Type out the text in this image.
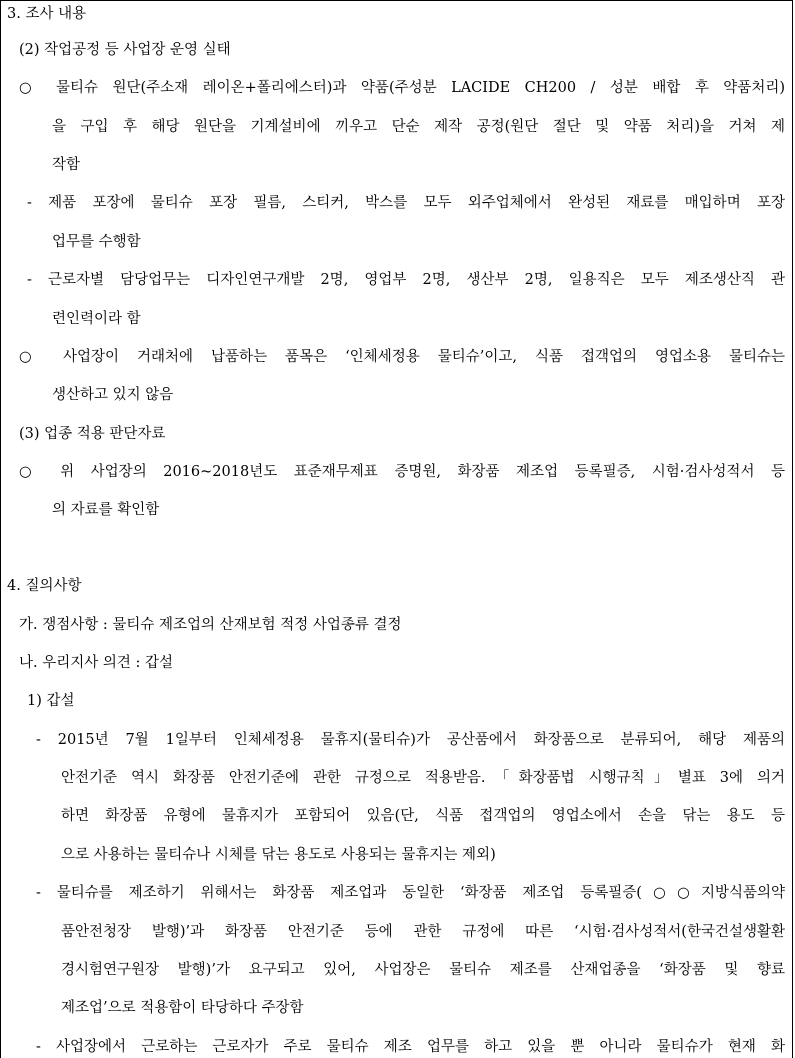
3. 조사 내용
(2) 작업공정 등 사업장 운영 실태
○ 물티슈 원단(주소재 레이온+폴리에스터)과 약품(주성분 LACIDE CH200 / 성분 배합 후 약품처리)
을 구입 후 해당 원단을 기계설비에 끼우고 단순 제작 공정(원단 절단 및 약품 처리)을 거쳐 제
작함
- 제품 포장에 물티슈 포장 필름, 스티커, 박스를 모두 외주업체에서 완성된 재료를 매입하며 포장
업무를 수행함
- 근로자별 담당업무는 디자인연구개발 2명, 영업부 2명, 생산부 2명, 일용직은 모두 제조생산직 관
련인력이라 함
○ 사업장이 거래처에 납품하는 품목은 ‘인체세정용 물티슈’이고, 식품 접객업의 영업소용 물티슈는
생산하고 있지 않음
(3) 업종 적용 판단자료
○ 위 사업장의 2016~2018년도 표준재무제표 증명원, 화장품 제조업 등록필증, 시험·검사성적서 등
의 자료를 확인함
4. 질의사항
가. 쟁점사항 : 물티슈 제조업의 산재보험 적정 사업종류 결정
나. 우리지사 의견 : 갑설
1) 갑설
- 2015년 7월 1일부터 인체세정용 물휴지(물티슈)가 공산품에서 화장품으로 분류되어, 해당 제품의
안전기준 역시 화장품 안전기준에 관한 규정으로 적용받음.「화장품법 시행규칙」별표 3에 의거
하면 화장품 유형에 물휴지가 포함되어 있음(단, 식품 접객업의 영업소에서 손을 닦는 용도 등
으로 사용하는 물티슈나 시체를 닦는 용도로 사용되는 물휴지는 제외)
- 물티슈를 제조하기 위해서는 화장품 제조업과 동일한 ‘화장품 제조업 등록필증(○○지방식품의약
품안전청장 발행)’과 화장품 안전기준 등에 관한 규정에 따른 ‘시험·검사성적서(한국건설생활환
경시험연구원장 발행)’가 요구되고 있어, 사업장은 물티슈 제조를 산재업종을 ‘화장품 및 향료
제조업’으로 적용함이 타당하다 주장함
- 사업장에서 근로하는 근로자가 주로 물티슈 제조 업무를 하고 있을 뿐 아니라 물티슈가 현재 화
